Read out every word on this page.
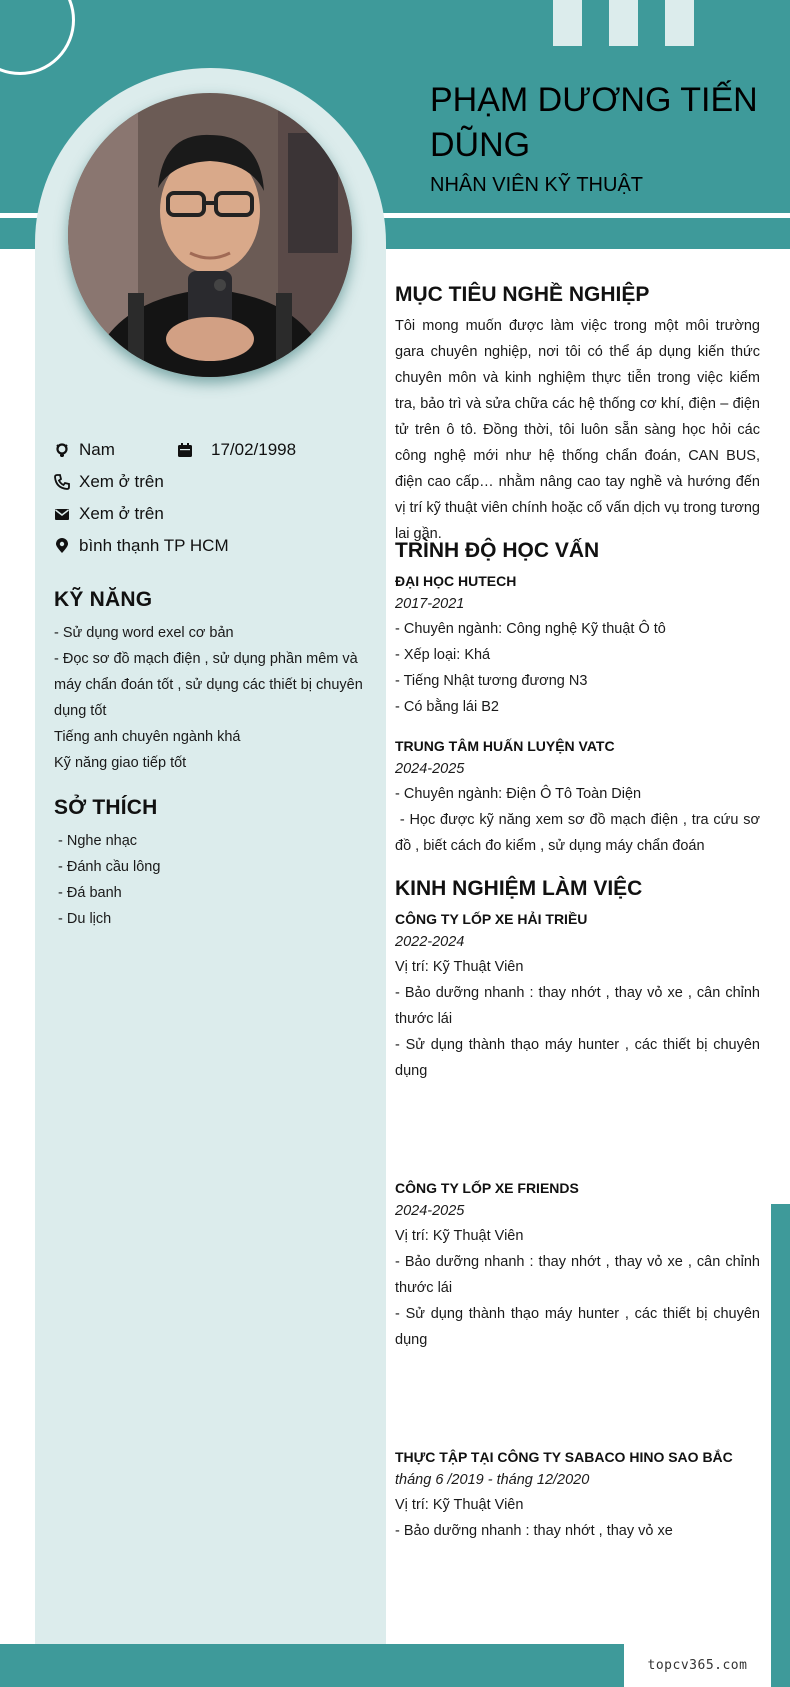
PHẠM DƯƠNG TIẾN DŨNG
NHÂN VIÊN KỸ THUẬT
Nam	17/02/1998
Xem ở trên
Xem ở trên
bình thạnh TP HCM
KỸ NĂNG
- Sử dụng word exel cơ bản
- Đọc sơ đồ mạch điện , sử dụng phần mêm và máy chẩn đoán tốt , sử dụng các thiết bị chuyên dụng tốt
Tiếng anh chuyên ngành khá
Kỹ năng giao tiếp tốt
SỞ THÍCH
- Nghe nhạc
- Đánh cầu lông
- Đá banh
- Du lịch
MỤC TIÊU NGHỀ NGHIỆP
Tôi mong muốn được làm việc trong một môi trường gara chuyên nghiệp, nơi tôi có thể áp dụng kiến thức chuyên môn và kinh nghiệm thực tiễn trong việc kiểm tra, bảo trì và sửa chữa các hệ thống cơ khí, điện – điện tử trên ô tô. Đồng thời, tôi luôn sẵn sàng học hỏi các công nghệ mới như hệ thống chẩn đoán, CAN BUS, điện cao cấp… nhằm nâng cao tay nghề và hướng đến vị trí kỹ thuật viên chính hoặc cố vấn dịch vụ trong tương lai gần.
TRÌNH ĐỘ HỌC VẤN
ĐẠI HỌC HUTECH
2017-2021
- Chuyên ngành: Công nghệ Kỹ thuật Ô tô
- Xếp loại: Khá
- Tiếng Nhật tương đương N3
- Có bằng lái B2
TRUNG TÂM HUẤN LUYỆN VATC
2024-2025
- Chuyên ngành: Điện Ô Tô Toàn Diện
- Học được kỹ năng xem sơ đồ mạch điện , tra cứu sơ đồ , biết cách đo kiểm , sử dụng máy chẩn đoán
KINH NGHIỆM LÀM VIỆC
CÔNG TY LỐP XE HẢI TRIỀU
2022-2024
Vị trí: Kỹ Thuật Viên
- Bảo dưỡng nhanh : thay nhớt , thay vỏ xe , cân chỉnh thước lái
- Sử dụng thành thạo máy hunter , các thiết bị chuyên dụng
CÔNG TY LỐP XE FRIENDS
2024-2025
Vị trí: Kỹ Thuật Viên
- Bảo dưỡng nhanh : thay nhớt , thay vỏ xe , cân chỉnh thước lái
- Sử dụng thành thạo máy hunter , các thiết bị chuyên dụng
THỰC TẬP TẠI CÔNG TY SABACO HINO SAO BẮC
tháng 6 /2019 - tháng 12/2020
Vị trí: Kỹ Thuật Viên
- Bảo dưỡng nhanh : thay nhớt , thay vỏ xe
topcv365.com
